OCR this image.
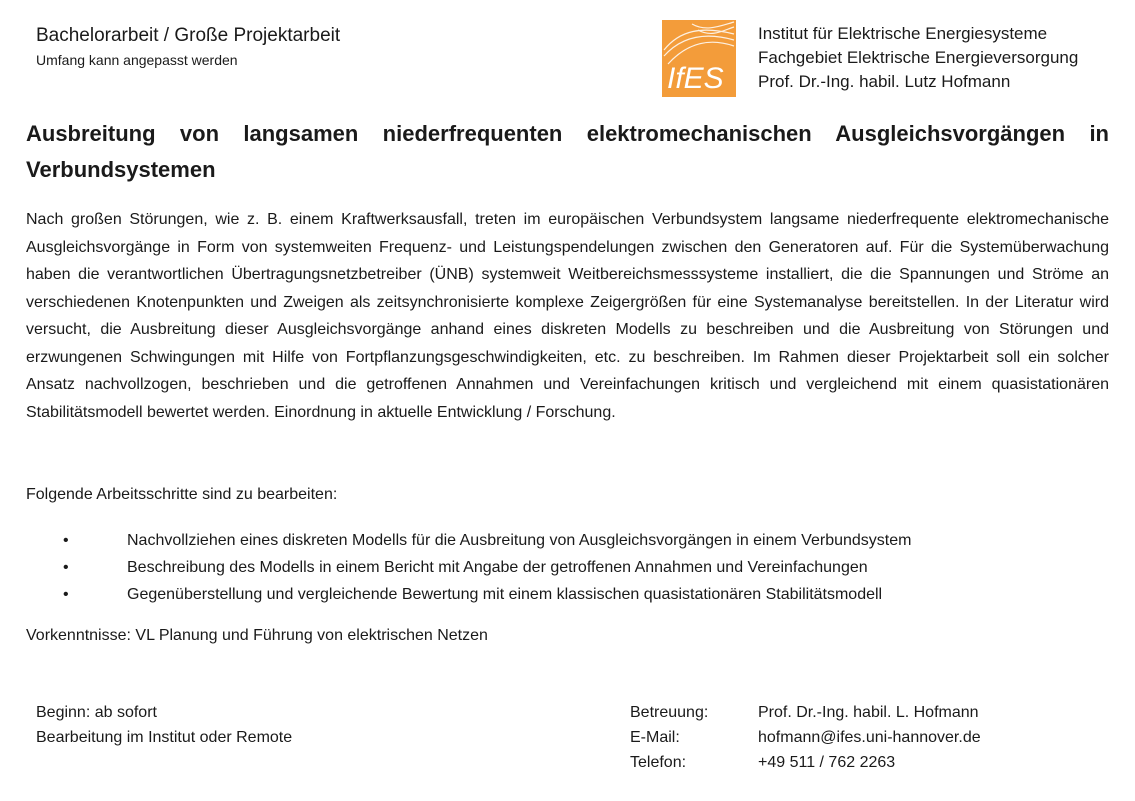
Bachelorarbeit / Große Projektarbeit
Umfang kann angepasst werden
IfES
Institut für Elektrische Energiesysteme
Fachgebiet Elektrische Energieversorgung
Prof. Dr.-Ing. habil. Lutz Hofmann
Ausbreitung von langsamen niederfrequenten elektromechanischen Ausgleichsvorgängen in Verbundsystemen
Nach großen Störungen, wie z. B. einem Kraftwerksausfall, treten im europäischen Verbundsystem langsame niederfrequente elektromechanische Ausgleichsvorgänge in Form von systemweiten Frequenz- und Leistungspendelungen zwischen den Generatoren auf. Für die Systemüberwachung haben die verantwortlichen Übertragungsnetzbetreiber (ÜNB) systemweit Weitbereichsmesssysteme installiert, die die Spannungen und Ströme an verschiedenen Knotenpunkten und Zweigen als zeitsynchronisierte komplexe Zeigergrößen für eine Systemanalyse bereitstellen. In der Literatur wird versucht, die Ausbreitung dieser Ausgleichsvorgänge anhand eines diskreten Modells zu beschreiben und die Ausbreitung von Störungen und erzwungenen Schwingungen mit Hilfe von Fortpflanzungsgeschwindigkeiten, etc. zu beschreiben. Im Rahmen dieser Projektarbeit soll ein solcher Ansatz nachvollzogen, beschrieben und die getroffenen Annahmen und Vereinfachungen kritisch und vergleichend mit einem quasistationären Stabilitätsmodell bewertet werden. Einordnung in aktuelle Entwicklung / Forschung.
Folgende Arbeitsschritte sind zu bearbeiten:
•	Nachvollziehen eines diskreten Modells für die Ausbreitung von Ausgleichsvorgängen in einem Verbundsystem
•	Beschreibung des Modells in einem Bericht mit Angabe der getroffenen Annahmen und Vereinfachungen
•	Gegenüberstellung und vergleichende Bewertung mit einem klassischen quasistationären Stabilitätsmodell
Vorkenntnisse: VL Planung und Führung von elektrischen Netzen
Beginn: ab sofort
Bearbeitung im Institut oder Remote
Betreuung:	Prof. Dr.-Ing. habil. L. Hofmann
E-Mail:	hofmann@ifes.uni-hannover.de
Telefon:	+49 511 / 762 2263
